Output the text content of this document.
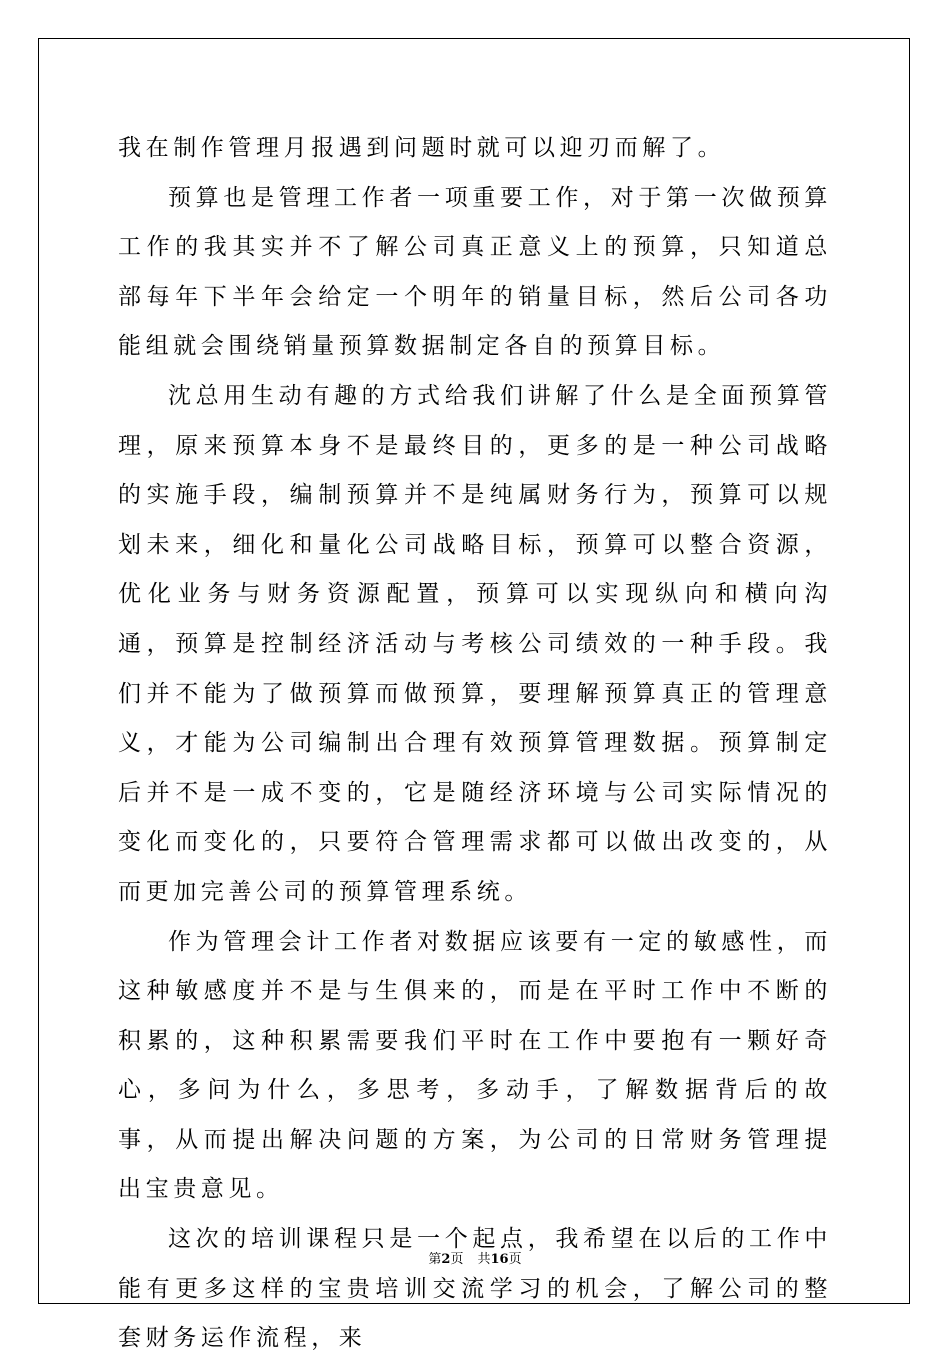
我在制作管理月报遇到问题时就可以迎刃而解了。

预算也是管理工作者一项重要工作，对于第一次做预算工作的我其实并不了解公司真正意义上的预算，只知道总部每年下半年会给定一个明年的销量目标，然后公司各功能组就会围绕销量预算数据制定各自的预算目标。

沈总用生动有趣的方式给我们讲解了什么是全面预算管理，原来预算本身不是最终目的，更多的是一种公司战略的实施手段，编制预算并不是纯属财务行为，预算可以规划未来，细化和量化公司战略目标，预算可以整合资源，优化业务与财务资源配置，预算可以实现纵向和横向沟通，预算是控制经济活动与考核公司绩效的一种手段。我们并不能为了做预算而做预算，要理解预算真正的管理意义，才能为公司编制出合理有效预算管理数据。预算制定后并不是一成不变的，它是随经济环境与公司实际情况的变化而变化的，只要符合管理需求都可以做出改变的，从而更加完善公司的预算管理系统。

作为管理会计工作者对数据应该要有一定的敏感性，而这种敏感度并不是与生俱来的，而是在平时工作中不断的积累的，这种积累需要我们平时在工作中要抱有一颗好奇心，多问为什么，多思考，多动手，了解数据背后的故事，从而提出解决问题的方案，为公司的日常财务管理提出宝贵意见。

这次的培训课程只是一个起点，我希望在以后的工作中能有更多这样的宝贵培训交流学习的机会，了解公司的整套财务运作流程，来

第2页 共16页
